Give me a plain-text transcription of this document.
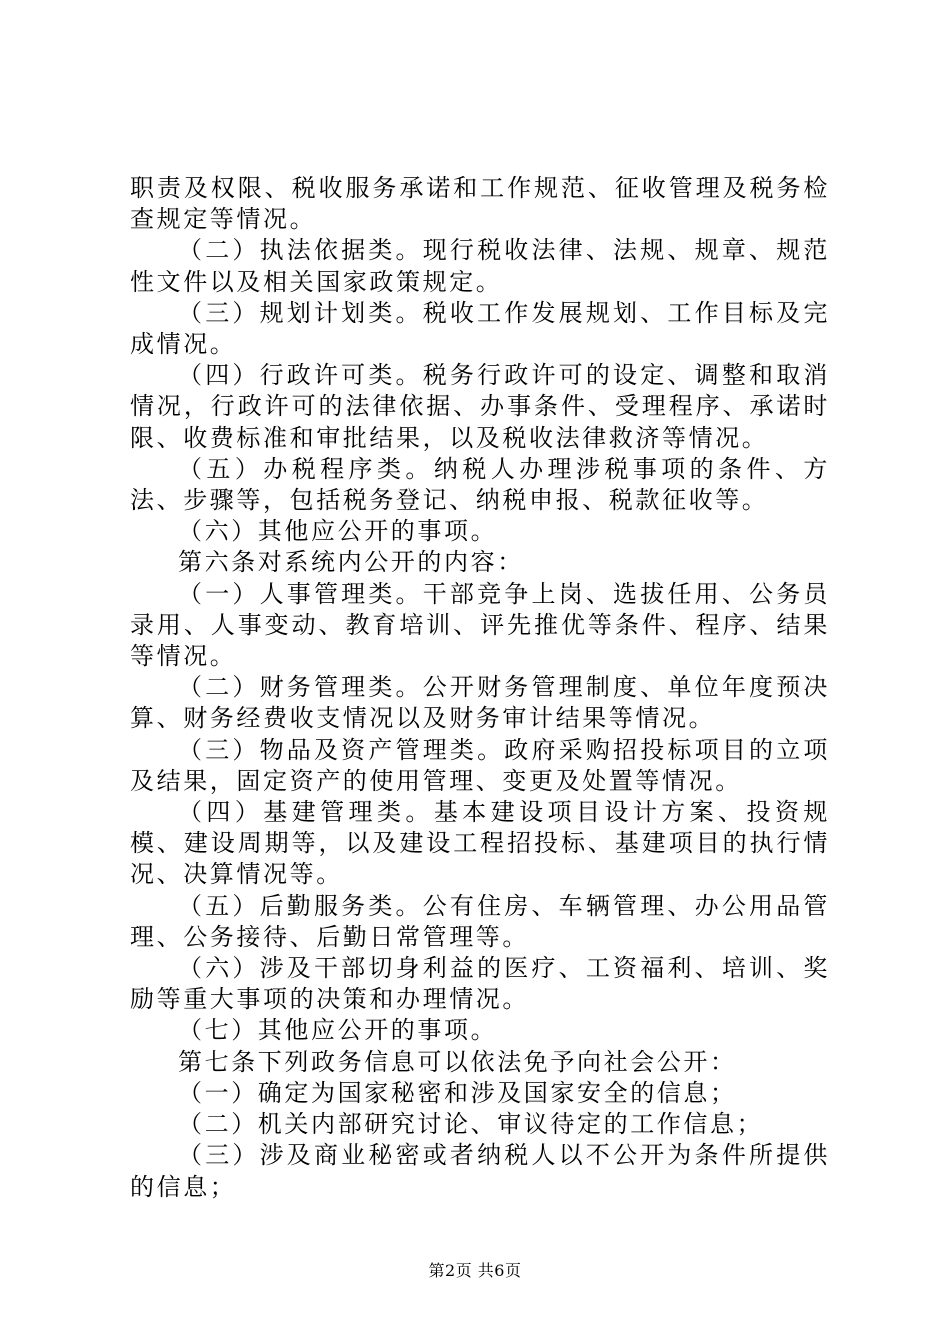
职责及权限、税收服务承诺和工作规范、征收管理及税务检查规定等情况。

（二）执法依据类。现行税收法律、法规、规章、规范性文件以及相关国家政策规定。

（三）规划计划类。税收工作发展规划、工作目标及完成情况。

（四）行政许可类。税务行政许可的设定、调整和取消情况，行政许可的法律依据、办事条件、受理程序、承诺时限、收费标准和审批结果，以及税收法律救济等情况。

（五）办税程序类。纳税人办理涉税事项的条件、方法、步骤等，包括税务登记、纳税申报、税款征收等。

（六）其他应公开的事项。

第六条对系统内公开的内容：

（一）人事管理类。干部竞争上岗、选拔任用、公务员录用、人事变动、教育培训、评先推优等条件、程序、结果等情况。

（二）财务管理类。公开财务管理制度、单位年度预决算、财务经费收支情况以及财务审计结果等情况。

（三）物品及资产管理类。政府采购招投标项目的立项及结果，固定资产的使用管理、变更及处置等情况。

（四）基建管理类。基本建设项目设计方案、投资规模、建设周期等，以及建设工程招投标、基建项目的执行情况、决算情况等。

（五）后勤服务类。公有住房、车辆管理、办公用品管理、公务接待、后勤日常管理等。

（六）涉及干部切身利益的医疗、工资福利、培训、奖励等重大事项的决策和办理情况。

（七）其他应公开的事项。

第七条下列政务信息可以依法免予向社会公开：

（一）确定为国家秘密和涉及国家安全的信息；

（二）机关内部研究讨论、审议待定的工作信息；

（三）涉及商业秘密或者纳税人以不公开为条件所提供的信息；

第2页 共6页
